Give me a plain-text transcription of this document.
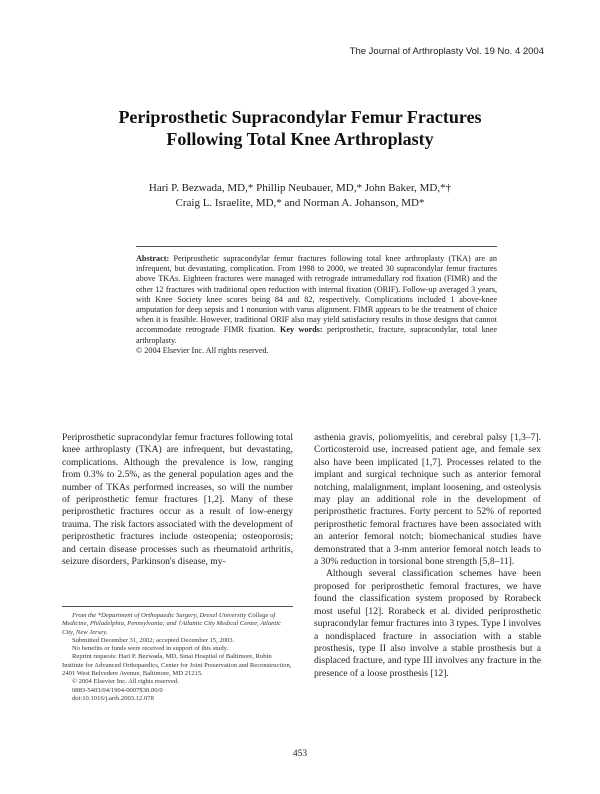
The Journal of Arthroplasty Vol. 19 No. 4 2004
Periprosthetic Supracondylar Femur Fractures
Following Total Knee Arthroplasty
Hari P. Bezwada, MD,* Phillip Neubauer, MD,* John Baker, MD,*†
Craig L. Israelite, MD,* and Norman A. Johanson, MD*
Abstract: Periprosthetic supracondylar femur fractures following total knee arthroplasty (TKA) are an infrequent, but devastating, complication. From 1998 to 2000, we treated 30 supracondylar femur fractures above TKAs. Eighteen fractures were managed with retrograde intramedullary rod fixation (FIMR) and the other 12 fractures with traditional open reduction with internal fixation (ORIF). Follow-up averaged 3 years, with Knee Society knee scores being 84 and 82, respectively. Complications included 1 above-knee amputation for deep sepsis and 1 nonunion with varus alignment. FIMR appears to be the treatment of choice when it is feasible. However, traditional ORIF also may yield satisfactory results in those designs that cannot accommodate retrograde FIMR fixation. Key words: periprosthetic, fracture, supracondylar, total knee arthroplasty.
© 2004 Elsevier Inc. All rights reserved.

Periprosthetic supracondylar femur fractures following total knee arthroplasty (TKA) are infrequent, but devastating, complications. Although the prevalence is low, ranging from 0.3% to 2.5%, as the general population ages and the number of TKAs performed increases, so will the number of periprosthetic femur fractures [1,2]. Many of these periprosthetic fractures occur as a result of low-energy trauma. The risk factors associated with the development of periprosthetic fractures include osteopenia; osteoporosis; and certain disease processes such as rheumatoid arthritis, seizure disorders, Parkinson's disease, my-

asthenia gravis, poliomyelitis, and cerebral palsy [1,3–7]. Corticosteroid use, increased patient age, and female sex also have been implicated [1,7]. Processes related to the implant and surgical technique such as anterior femoral notching, malalignment, implant loosening, and osteolysis may play an additional role in the development of periprosthetic fractures. Forty percent to 52% of reported periprosthetic femoral fractures have been associated with an anterior femoral notch; biomechanical studies have demonstrated that a 3-mm anterior femoral notch leads to a 30% reduction in torsional bone strength [5,8–11].

Although several classification schemes have been proposed for periprosthetic femoral fractures, we have found the classification system proposed by Rorabeck most useful [12]. Rorabeck et al. divided periprosthetic supracondylar femur fractures into 3 types. Type I involves a nondisplaced fracture in association with a stable prosthesis, type II also involve a stable prosthesis but a displaced fracture, and type III involves any fracture in the presence of a loose prosthesis [12].

From the *Department of Orthopaedic Surgery, Drexel University College of Medicine, Philadelphia, Pennsylvania; and †Atlantic City Medical Center, Atlantic City, New Jersey.

Submitted December 31, 2002; accepted December 15, 2003.

No benefits or funds were received in support of this study.

Reprint requests: Hari P. Bezwada, MD, Sinai Hospital of Baltimore, Rubin Institute for Advanced Orthopaedics, Center for Joint Preservation and Reconstruction, 2401 West Belvedere Avenue, Baltimore, MD 21215.

© 2004 Elsevier Inc. All rights reserved.

0883-5403/04/1904-0007$30.00/0

doi:10.1016/j.arth.2003.12.078

453
